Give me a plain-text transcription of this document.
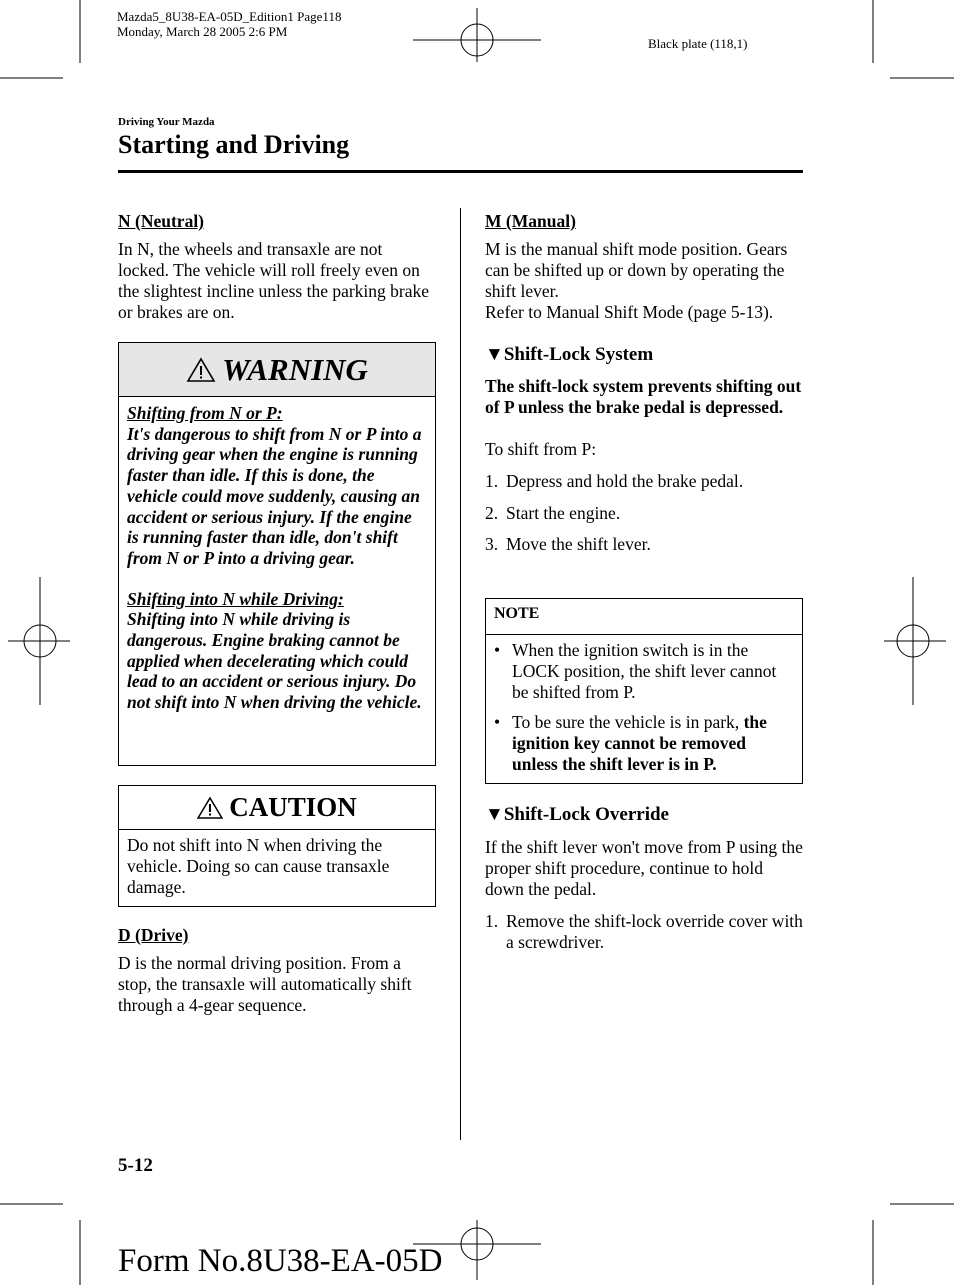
Mazda5_8U38-EA-05D_Edition1 Page118
Monday, March 28 2005 2:6 PM
Black plate (118,1)
Driving Your Mazda
Starting and Driving

N (Neutral)

In N, the wheels and transaxle are not locked. The vehicle will roll freely even on the slightest incline unless the parking brake or brakes are on.

WARNING

Shifting from N or P:

It's dangerous to shift from N or P into a driving gear when the engine is running faster than idle. If this is done, the vehicle could move suddenly, causing an accident or serious injury. If the engine is running faster than idle, don't shift from N or P into a driving gear.

Shifting into N while Driving:

Shifting into N while driving is dangerous. Engine braking cannot be applied when decelerating which could lead to an accident or serious injury. Do not shift into N when driving the vehicle.

CAUTION
Do not shift into N when driving the vehicle. Doing so can cause transaxle damage.

D (Drive)

D is the normal driving position. From a stop, the transaxle will automatically shift through a 4-gear sequence.

M (Manual)

M is the manual shift mode position. Gears can be shifted up or down by operating the shift lever.

Refer to Manual Shift Mode (page 5-13).

▼Shift-Lock System

The shift-lock system prevents shifting out of P unless the brake pedal is depressed.

To shift from P:

1. Depress and hold the brake pedal.
2. Start the engine.
3. Move the shift lever.
NOTE
• When the ignition switch is in the LOCK position, the shift lever cannot be shifted from P.
• To be sure the vehicle is in park, the ignition key cannot be removed unless the shift lever is in P.

▼Shift-Lock Override

If the shift lever won't move from P using the proper shift procedure, continue to hold down the pedal.

1. Remove the shift-lock override cover with a screwdriver.
5-12
Form No.8U38-EA-05D
